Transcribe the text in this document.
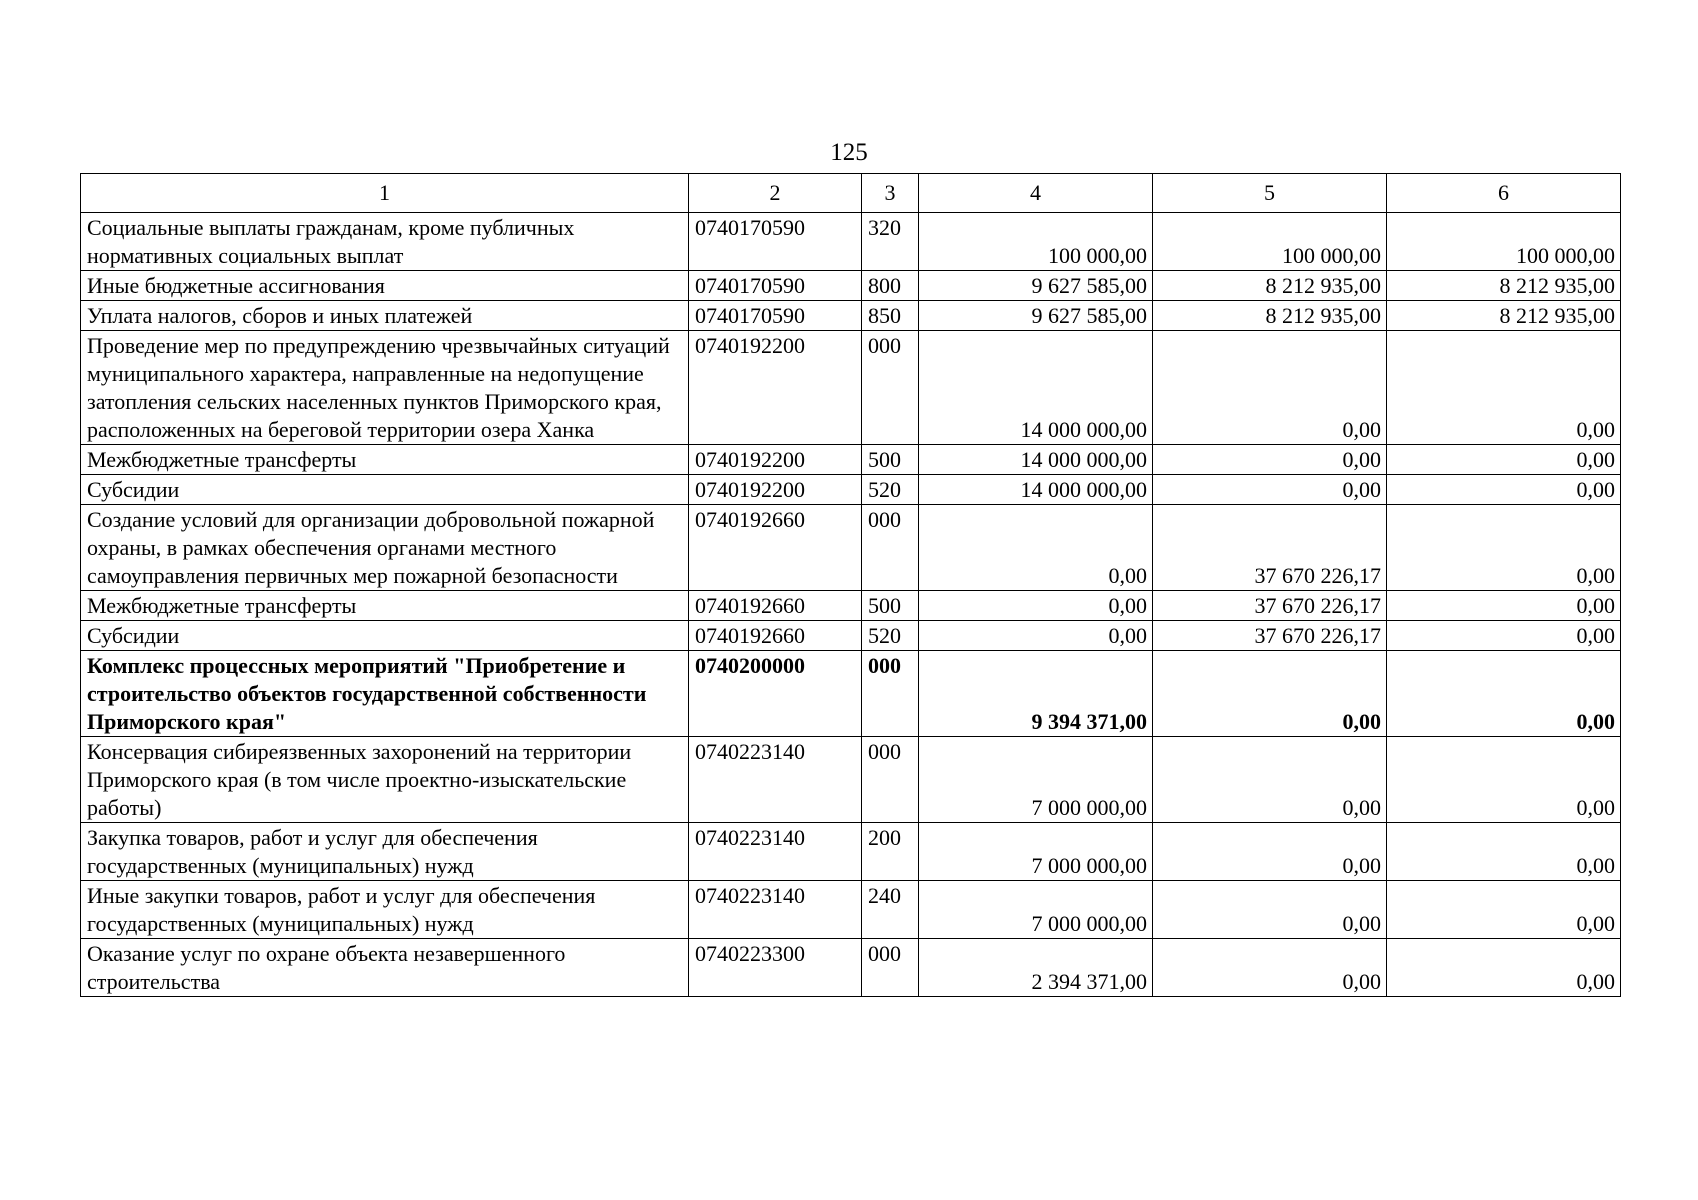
125
1	2	3	4	5	6
Социальные выплаты гражданам, кроме публичных нормативных социальных выплат	0740170590	320	100 000,00	100 000,00	100 000,00
Иные бюджетные ассигнования	0740170590	800	9 627 585,00	8 212 935,00	8 212 935,00
Уплата налогов, сборов и иных платежей	0740170590	850	9 627 585,00	8 212 935,00	8 212 935,00
Проведение мер по предупреждению чрезвычайных ситуаций муниципального характера, направленные на недопущение затопления сельских населенных пунктов Приморского края, расположенных на береговой территории озера Ханка	0740192200	000	14 000 000,00	0,00	0,00
Межбюджетные трансферты	0740192200	500	14 000 000,00	0,00	0,00
Субсидии	0740192200	520	14 000 000,00	0,00	0,00
Создание условий для организации добровольной пожарной охраны, в рамках обеспечения органами местного самоуправления первичных мер пожарной безопасности	0740192660	000	0,00	37 670 226,17	0,00
Межбюджетные трансферты	0740192660	500	0,00	37 670 226,17	0,00
Субсидии	0740192660	520	0,00	37 670 226,17	0,00
Комплекс процессных мероприятий "Приобретение и строительство объектов государственной собственности Приморского края"	0740200000	000	9 394 371,00	0,00	0,00
Консервация сибиреязвенных захоронений на территории Приморского края (в том числе проектно-изыскательские работы)	0740223140	000	7 000 000,00	0,00	0,00
Закупка товаров, работ и услуг для обеспечения государственных (муниципальных) нужд	0740223140	200	7 000 000,00	0,00	0,00
Иные закупки товаров, работ и услуг для обеспечения государственных (муниципальных) нужд	0740223140	240	7 000 000,00	0,00	0,00
Оказание услуг по охране объекта незавершенного строительства	0740223300	000	2 394 371,00	0,00	0,00
